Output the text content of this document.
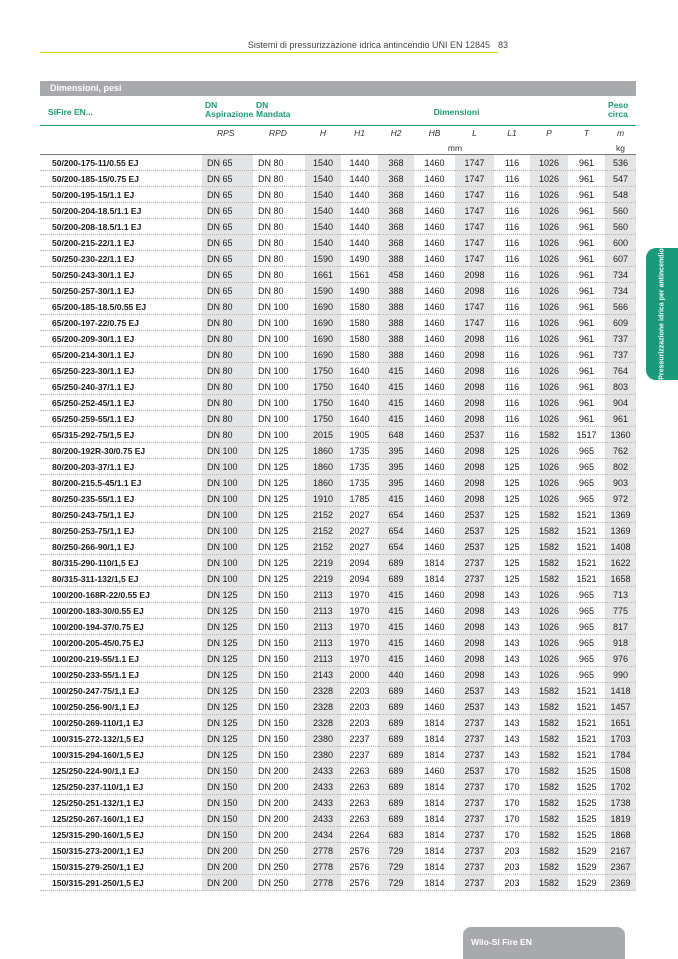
Sistemi di pressurizzazione idrica antincendio UNI EN 12845 83
Pressurizzazione idrica per antincendio
Dimensioni, pesi
SiFire EN...
DN Aspirazione
DN Mandata	Dimensioni
Peso circa
RPS	RPD	H	H1	H2	HB	L	L1	P	T	m
mm	kg
50/200-175-11/0.55 EJ	DN 65	DN 80	1540	1440	368	1460	1747	116	1026	961	536
50/200-185-15/0.75 EJ	DN 65	DN 80	1540	1440	368	1460	1747	116	1026	961	547
50/200-195-15/1.1 EJ	DN 65	DN 80	1540	1440	368	1460	1747	116	1026	961	548
50/200-204-18.5/1.1 EJ	DN 65	DN 80	1540	1440	368	1460	1747	116	1026	961	560
50/200-208-18.5/1.1 EJ	DN 65	DN 80	1540	1440	368	1460	1747	116	1026	961	560
50/200-215-22/1.1 EJ	DN 65	DN 80	1540	1440	368	1460	1747	116	1026	961	600
50/250-230-22/1.1 EJ	DN 65	DN 80	1590	1490	388	1460	1747	116	1026	961	607
50/250-243-30/1.1 EJ	DN 65	DN 80	1661	1561	458	1460	2098	116	1026	961	734
50/250-257-30/1.1 EJ	DN 65	DN 80	1590	1490	388	1460	2098	116	1026	961	734
65/200-185-18.5/0.55 EJ	DN 80	DN 100	1690	1580	388	1460	1747	116	1026	961	566
65/200-197-22/0.75 EJ	DN 80	DN 100	1690	1580	388	1460	1747	116	1026	961	609
65/200-209-30/1.1 EJ	DN 80	DN 100	1690	1580	388	1460	2098	116	1026	961	737
65/200-214-30/1.1 EJ	DN 80	DN 100	1690	1580	388	1460	2098	116	1026	961	737
65/250-223-30/1.1 EJ	DN 80	DN 100	1750	1640	415	1460	2098	116	1026	961	764
65/250-240-37/1.1 EJ	DN 80	DN 100	1750	1640	415	1460	2098	116	1026	961	803
65/250-252-45/1.1 EJ	DN 80	DN 100	1750	1640	415	1460	2098	116	1026	961	904
65/250-259-55/1.1 EJ	DN 80	DN 100	1750	1640	415	1460	2098	116	1026	961	961
65/315-292-75/1,5 EJ	DN 80	DN 100	2015	1905	648	1460	2537	116	1582	1517	1360
80/200-192R-30/0.75 EJ	DN 100	DN 125	1860	1735	395	1460	2098	125	1026	965	762
80/200-203-37/1.1 EJ	DN 100	DN 125	1860	1735	395	1460	2098	125	1026	965	802
80/200-215.5-45/1.1 EJ	DN 100	DN 125	1860	1735	395	1460	2098	125	1026	965	903
80/250-235-55/1.1 EJ	DN 100	DN 125	1910	1785	415	1460	2098	125	1026	965	972
80/250-243-75/1,1 EJ	DN 100	DN 125	2152	2027	654	1460	2537	125	1582	1521	1369
80/250-253-75/1,1 EJ	DN 100	DN 125	2152	2027	654	1460	2537	125	1582	1521	1369
80/250-266-90/1,1 EJ	DN 100	DN 125	2152	2027	654	1460	2537	125	1582	1521	1408
80/315-290-110/1,5 EJ	DN 100	DN 125	2219	2094	689	1814	2737	125	1582	1521	1622
80/315-311-132/1,5 EJ	DN 100	DN 125	2219	2094	689	1814	2737	125	1582	1521	1658
100/200-168R-22/0.55 EJ	DN 125	DN 150	2113	1970	415	1460	2098	143	1026	965	713
100/200-183-30/0.55 EJ	DN 125	DN 150	2113	1970	415	1460	2098	143	1026	965	775
100/200-194-37/0.75 EJ	DN 125	DN 150	2113	1970	415	1460	2098	143	1026	965	817
100/200-205-45/0.75 EJ	DN 125	DN 150	2113	1970	415	1460	2098	143	1026	965	918
100/200-219-55/1.1 EJ	DN 125	DN 150	2113	1970	415	1460	2098	143	1026	965	976
100/250-233-55/1.1 EJ	DN 125	DN 150	2143	2000	440	1460	2098	143	1026	965	990
100/250-247-75/1,1 EJ	DN 125	DN 150	2328	2203	689	1460	2537	143	1582	1521	1418
100/250-256-90/1,1 EJ	DN 125	DN 150	2328	2203	689	1460	2537	143	1582	1521	1457
100/250-269-110/1,1 EJ	DN 125	DN 150	2328	2203	689	1814	2737	143	1582	1521	1651
100/315-272-132/1,5 EJ	DN 125	DN 150	2380	2237	689	1814	2737	143	1582	1521	1703
100/315-294-160/1,5 EJ	DN 125	DN 150	2380	2237	689	1814	2737	143	1582	1521	1784
125/250-224-90/1,1 EJ	DN 150	DN 200	2433	2263	689	1460	2537	170	1582	1525	1508
125/250-237-110/1,1 EJ	DN 150	DN 200	2433	2263	689	1814	2737	170	1582	1525	1702
125/250-251-132/1,1 EJ	DN 150	DN 200	2433	2263	689	1814	2737	170	1582	1525	1738
125/250-267-160/1,1 EJ	DN 150	DN 200	2433	2263	689	1814	2737	170	1582	1525	1819
125/315-290-160/1,5 EJ	DN 150	DN 200	2434	2264	683	1814	2737	170	1582	1525	1868
150/315-273-200/1,1 EJ	DN 200	DN 250	2778	2576	729	1814	2737	203	1582	1529	2167
150/315-279-250/1,1 EJ	DN 200	DN 250	2778	2576	729	1814	2737	203	1582	1529	2367
150/315-291-250/1,5 EJ	DN 200	DN 250	2778	2576	729	1814	2737	203	1582	1529	2369
Wilo-SI Fire EN
